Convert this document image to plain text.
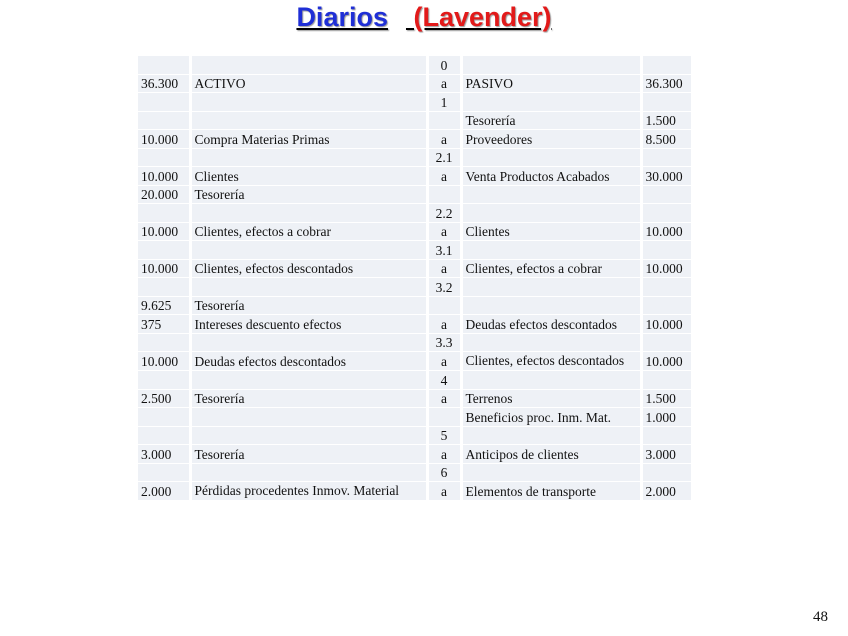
Diarios (Lavender)
		0		
36.300	ACTIVO	a	PASIVO	36.300
		1		
			Tesorería	1.500
10.000	Compra Materias Primas	a	Proveedores	8.500
		2.1		
10.000	Clientes	a	Venta Productos Acabados	30.000
20.000	Tesorería			
		2.2		
10.000	Clientes, efectos a cobrar	a	Clientes	10.000
		3.1		
10.000	Clientes, efectos descontados	a	Clientes, efectos a cobrar	10.000
		3.2		
9.625	Tesorería			
375	Intereses descuento efectos	a	Deudas efectos descontados	10.000
		3.3		
10.000	Deudas efectos descontados	a	Clientes, efectos descontados	10.000
		4		
2.500	Tesorería	a	Terrenos	1.500
			Beneficios proc. Inm. Mat.	1.000
		5		
3.000	Tesorería	a	Anticipos de clientes	3.000
		6		
2.000	Pérdidas procedentes Inmov. Material	a	Elementos de transporte	2.000
48
